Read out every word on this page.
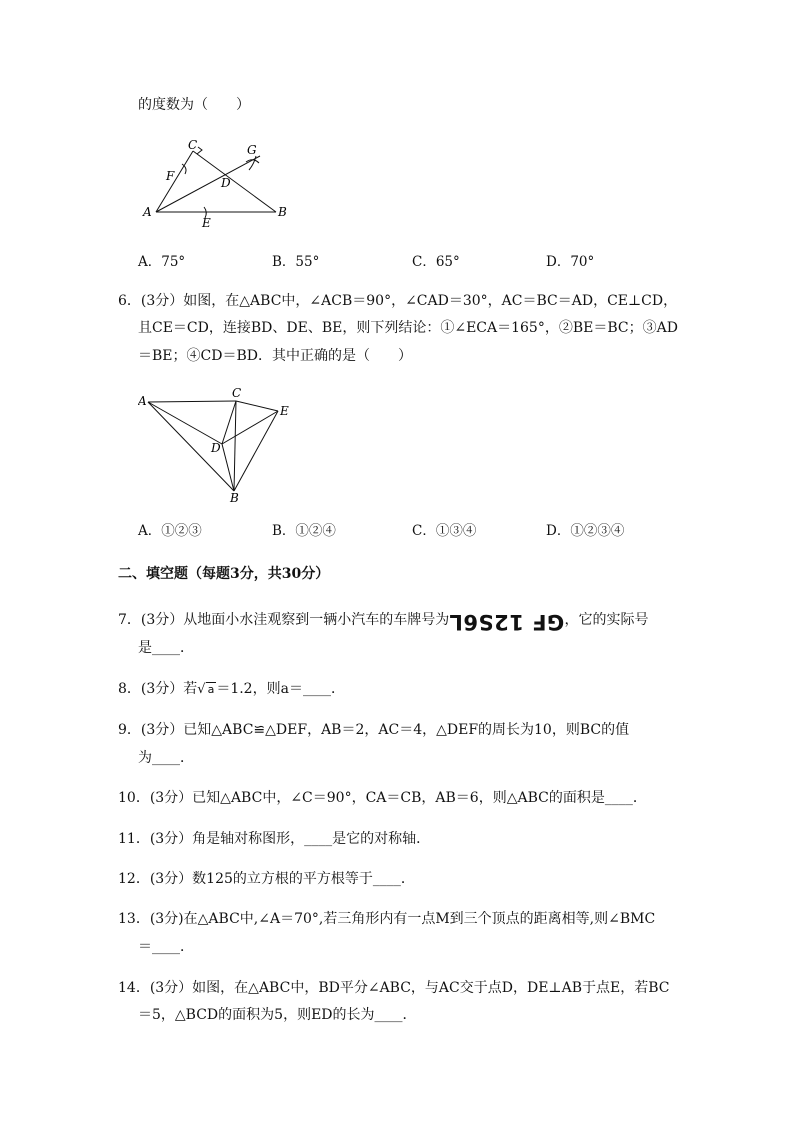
的度数为（　　）
C	G
F	D
A
E
B
A．75°	B．55°	C．65°	D．70°
6．(3分）如图，在△ABC中，∠ACB＝90°，∠CAD＝30°，AC＝BC＝AD，CE⊥CD，
且CE＝CD，连接BD、DE、BE，则下列结论：①∠ECA＝165°，②BE＝BC；③AD
＝BE；④CD＝BD．其中正确的是（　　）
A
C
E
D
B
A．①②③	B．①②④	C．①③④	D．①②③④
二、填空题（每题3分，共30分）
7．(3分）从地面小水洼观察到一辆小汽车的车牌号为GF 12S6L，它的实际号
是____．
8．(3分）若√ a ＝1.2，则a＝____．
9．(3分）已知△ABC≌△DEF，AB＝2，AC＝4，△DEF的周长为10，则BC的值
为____．
10．(3分）已知△ABC中，∠C＝90°，CA＝CB，AB＝6，则△ABC的面积是____．
11．(3分）角是轴对称图形，____是它的对称轴．
12．(3分）数125的立方根的平方根等于____．
13．(3分)在△ABC中,∠A＝70°,若三角形内有一点M到三个顶点的距离相等,则∠BMC
＝____．
14．(3分）如图，在△ABC中，BD平分∠ABC，与AC交于点D，DE⊥AB于点E，若BC
＝5，△BCD的面积为5，则ED的长为____．
